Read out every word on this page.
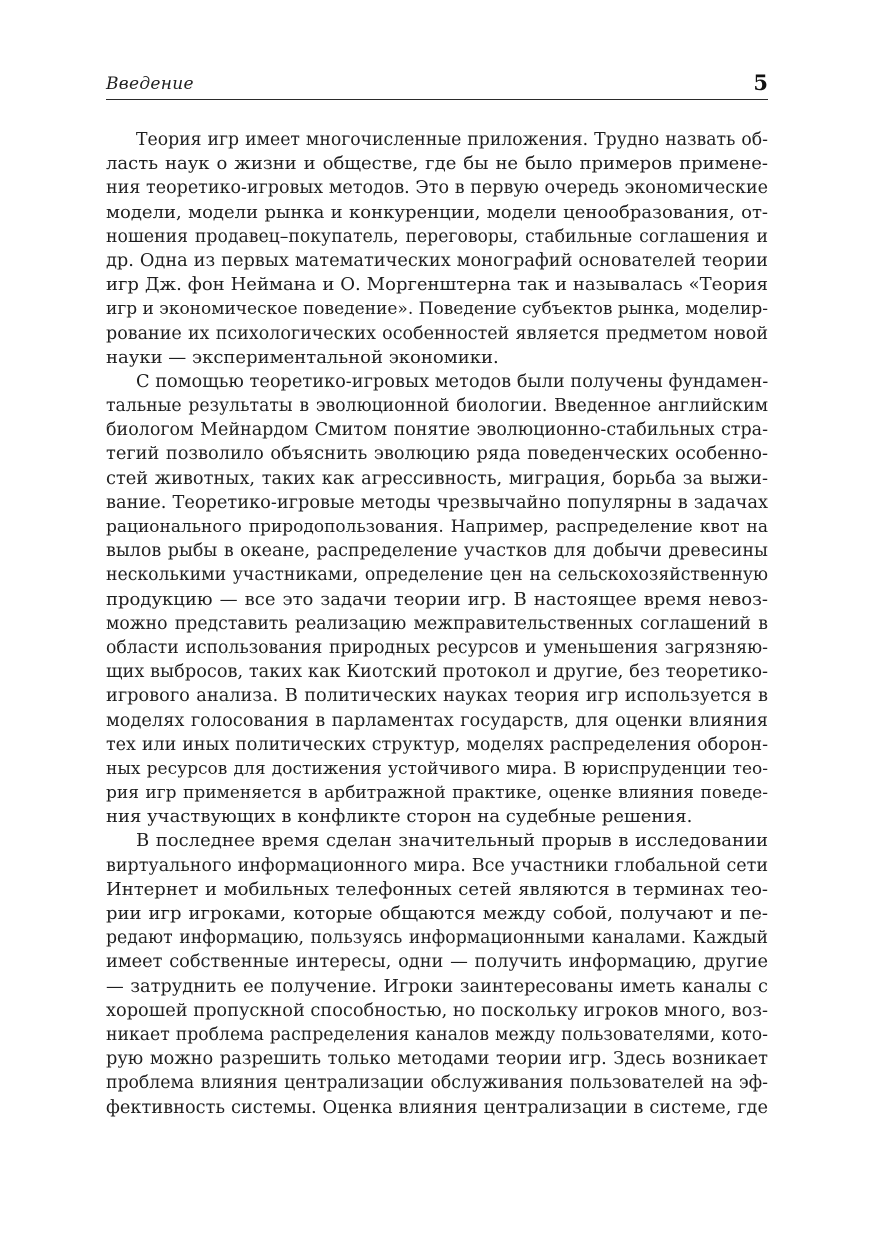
Введение	5
Теория игр имеет многочисленные приложения. Трудно назвать об-
ласть наук о жизни и обществе, где бы не было примеров примене-
ния теоретико-игровых методов. Это в первую очередь экономические
модели, модели рынка и конкуренции, модели ценообразования, от-
ношения продавец–покупатель, переговоры, стабильные соглашения и
др. Одна из первых математических монографий основателей теории
игр Дж. фон Неймана и О. Моргенштерна так и называлась «Теория
игр и экономическое поведение». Поведение субъектов рынка, моделир-
рование их психологических особенностей является предметом новой
науки — экспериментальной экономики.
С помощью теоретико-игровых методов были получены фундамен-
тальные результаты в эволюционной биологии. Введенное английским
биологом Мейнардом Смитом понятие эволюционно-стабильных стра-
тегий позволило объяснить эволюцию ряда поведенческих особенно-
стей животных, таких как агрессивность, миграция, борьба за выжи-
вание. Теоретико-игровые методы чрезвычайно популярны в задачах
рационального природопользования. Например, распределение квот на
вылов рыбы в океане, распределение участков для добычи древесины
несколькими участниками, определение цен на сельскохозяйственную
продукцию — все это задачи теории игр. В настоящее время невоз-
можно представить реализацию межправительственных соглашений в
области использования природных ресурсов и уменьшения загрязняю-
щих выбросов, таких как Киотский протокол и другие, без теоретико-
игрового анализа. В политических науках теория игр используется в
моделях голосования в парламентах государств, для оценки влияния
тех или иных политических структур, моделях распределения оборон-
ных ресурсов для достижения устойчивого мира. В юриспруденции тео-
рия игр применяется в арбитражной практике, оценке влияния поведе-
ния участвующих в конфликте сторон на судебные решения.
В последнее время сделан значительный прорыв в исследовании
виртуального информационного мира. Все участники глобальной сети
Интернет и мобильных телефонных сетей являются в терминах тео-
рии игр игроками, которые общаются между собой, получают и пе-
редают информацию, пользуясь информационными каналами. Каждый
имеет собственные интересы, одни — получить информацию, другие
— затруднить ее получение. Игроки заинтересованы иметь каналы с
хорошей пропускной способностью, но поскольку игроков много, воз-
никает проблема распределения каналов между пользователями, кото-
рую можно разрешить только методами теории игр. Здесь возникает
проблема влияния централизации обслуживания пользователей на эф-
фективность системы. Оценка влияния централизации в системе, где
